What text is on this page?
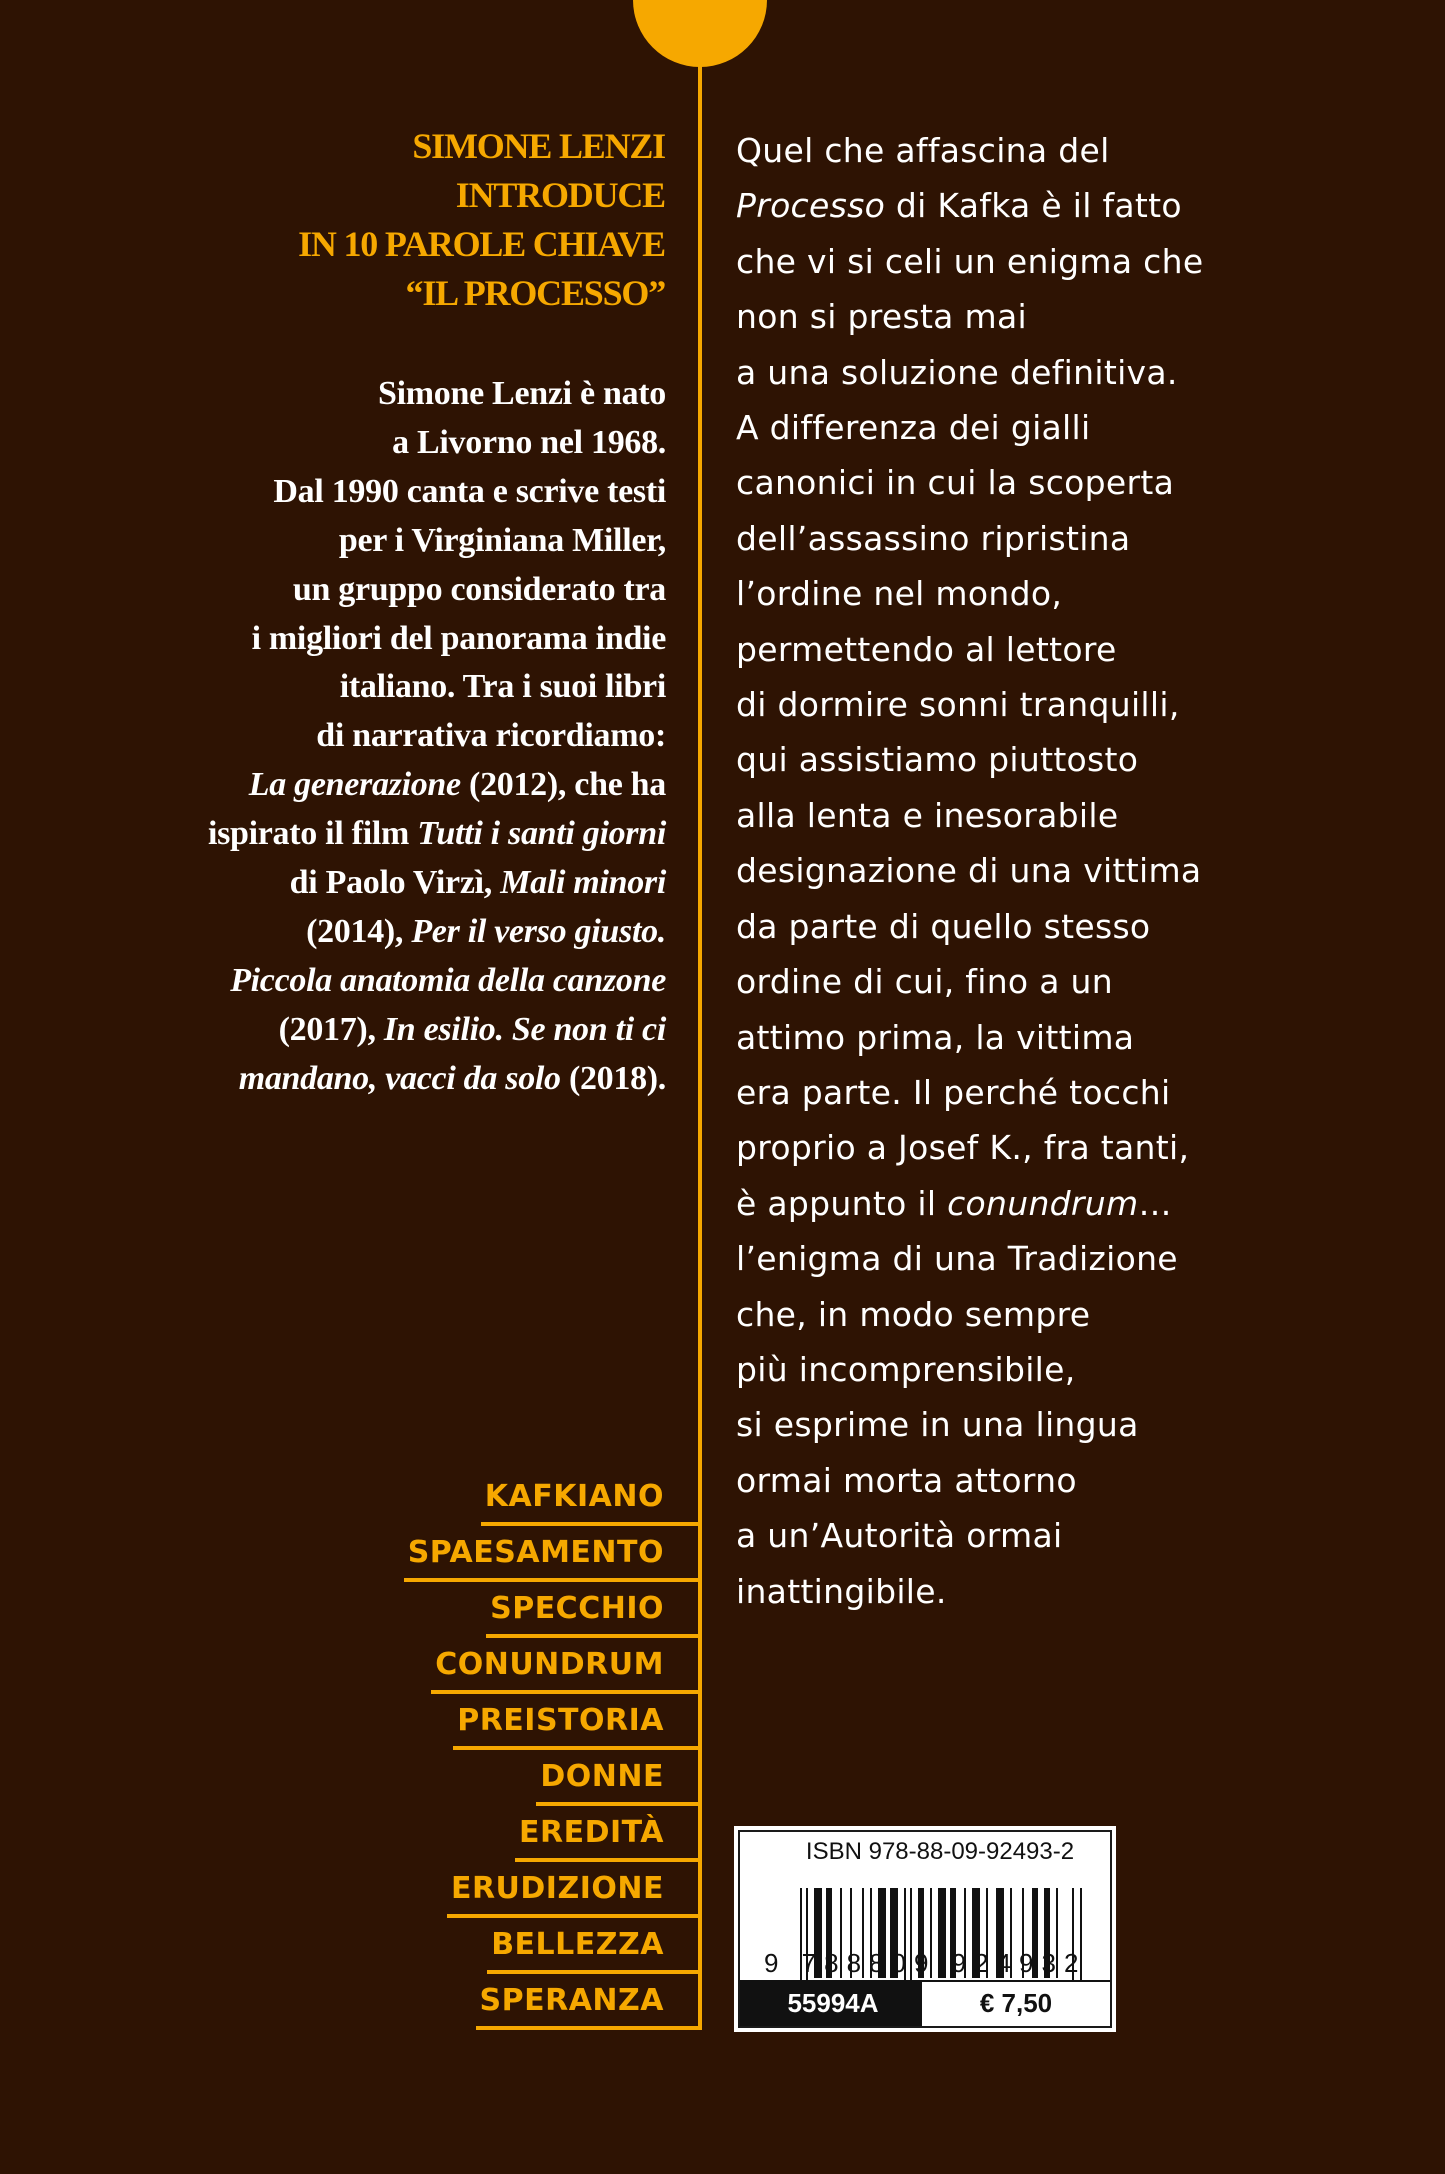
SIMONE LENZI
INTRODUCE
IN 10 PAROLE CHIAVE
“IL PROCESSO”
Simone Lenzi è nato
a Livorno nel 1968.
Dal 1990 canta e scrive testi
per i Virginiana Miller,
un gruppo considerato tra
i migliori del panorama indie
italiano. Tra i suoi libri
di narrativa ricordiamo:
La generazione (2012), che ha
ispirato il film Tutti i santi giorni
di Paolo Virzì, Mali minori
(2014), Per il verso giusto.
Piccola anatomia della canzone
(2017), In esilio. Se non ti ci
mandano, vacci da solo (2018).
Quel che affascina del
Processo di Kafka è il fatto
che vi si celi un enigma che
non si presta mai
a una soluzione definitiva.
A differenza dei gialli
canonici in cui la scoperta
dell’assassino ripristina
l’ordine nel mondo,
permettendo al lettore
di dormire sonni tranquilli,
qui assistiamo piuttosto
alla lenta e inesorabile
designazione di una vittima
da parte di quello stesso
ordine di cui, fino a un
attimo prima, la vittima
era parte. Il perché tocchi
proprio a Josef K., fra tanti,
è appunto il conundrum…
l’enigma di una Tradizione
che, in modo sempre
più incomprensibile,
si esprime in una lingua
ormai morta attorno
a un’Autorità ormai
inattingibile.
KAFKIANO
SPAESAMENTO
SPECCHIO
CONUNDRUM
PREISTORIA
DONNE
EREDITÀ
ERUDIZIONE
BELLEZZA
SPERANZA
ISBN 978-88-09-92493-2
9 788809 924932
55994A	€ 7,50
